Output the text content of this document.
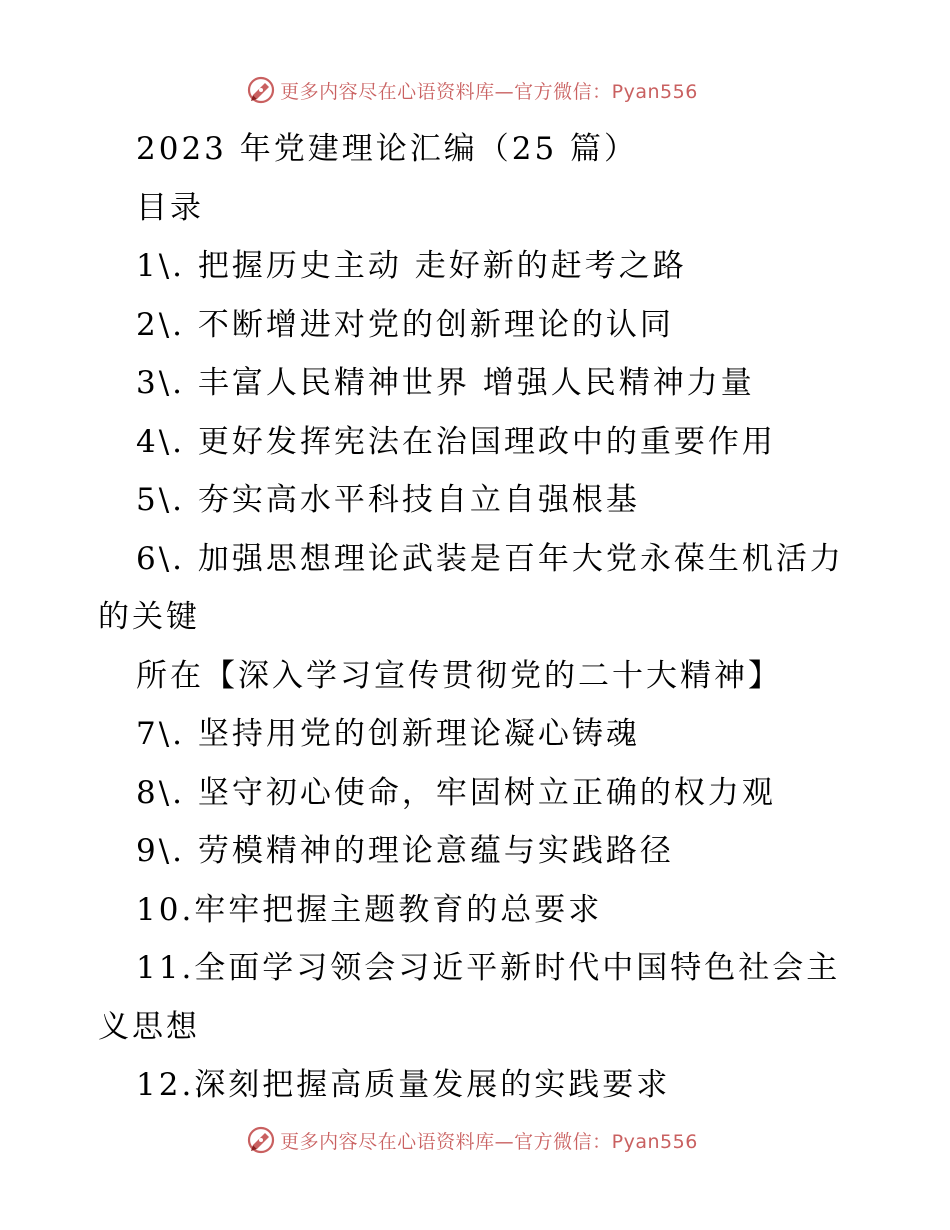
更多内容尽在心语资料库—官方微信：Pyan556
2023 年党建理论汇编（25 篇）
目录
1\. 把握历史主动 走好新的赶考之路
2\. 不断增进对党的创新理论的认同
3\. 丰富人民精神世界 增强人民精神力量
4\. 更好发挥宪法在治国理政中的重要作用
5\. 夯实高水平科技自立自强根基
6\. 加强思想理论武装是百年大党永葆生机活力
的关键
所在【深入学习宣传贯彻党的二十大精神】
7\. 坚持用党的创新理论凝心铸魂
8\. 坚守初心使命，牢固树立正确的权力观
9\. 劳模精神的理论意蕴与实践路径
10.牢牢把握主题教育的总要求
11.全面学习领会习近平新时代中国特色社会主
义思想
12.深刻把握高质量发展的实践要求
更多内容尽在心语资料库—官方微信：Pyan556
